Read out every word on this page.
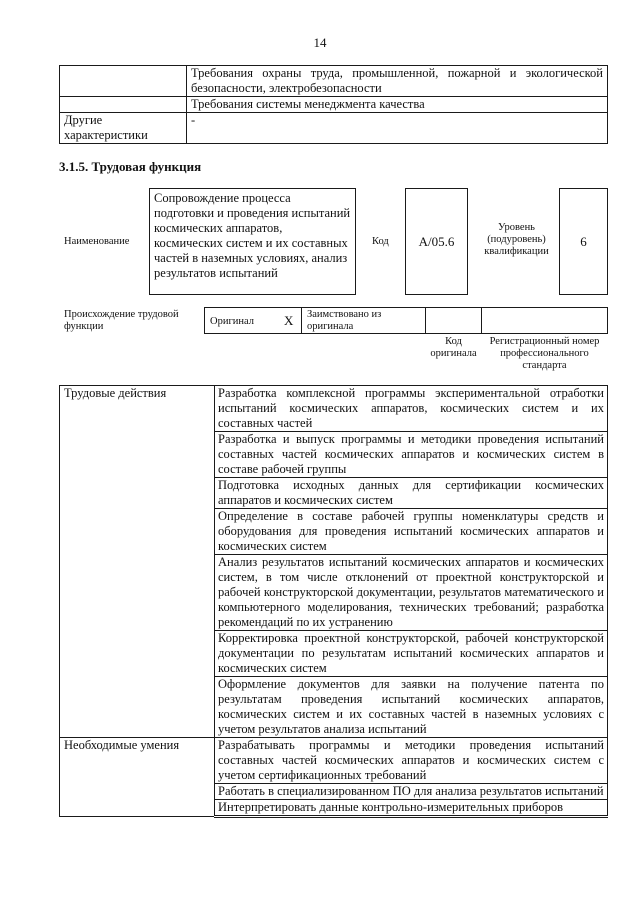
14
	Требования охраны труда, промышленной, пожарной и экологической безопасности, электробезопасности
	Требования системы менеджмента качества
Другие характеристики	-
3.1.5. Трудовая функция
Наименование
Сопровождение процесса подготовки и проведения испытаний космических аппаратов, космических систем и их составных частей в наземных условиях, анализ результатов испытаний
Код	A/05.6
Уровень (подуровень) квалификации
6
Происхождение трудовой функции	Оригинал	X	Заимствовано из оригинала
Код оригинала
Регистрационный номер профессионального стандарта
Трудовые действия	Разработка комплексной программы экспериментальной отработки испытаний космических аппаратов, космических систем и их составных частей
	Разработка и выпуск программы и методики проведения испытаний составных частей космических аппаратов и космических систем в составе рабочей группы
	Подготовка исходных данных для сертификации космических аппаратов и космических систем
	Определение в составе рабочей группы номенклатуры средств и оборудования для проведения испытаний космических аппаратов и космических систем
	Анализ результатов испытаний космических аппаратов и космических систем, в том числе отклонений от проектной конструкторской и рабочей конструкторской документации, результатов математического и компьютерного моделирования, технических требований; разработка рекомендаций по их устранению
	Корректировка проектной конструкторской, рабочей конструкторской документации по результатам испытаний космических аппаратов и космических систем
	Оформление документов для заявки на получение патента по результатам проведения испытаний космических аппаратов, космических систем и их составных частей в наземных условиях с учетом результатов анализа испытаний
Необходимые умения	Разрабатывать программы и методики проведения испытаний составных частей космических аппаратов и космических систем с учетом сертификационных требований
	Работать в специализированном ПО для анализа результатов испытаний
	Интерпретировать данные контрольно-измерительных приборов
